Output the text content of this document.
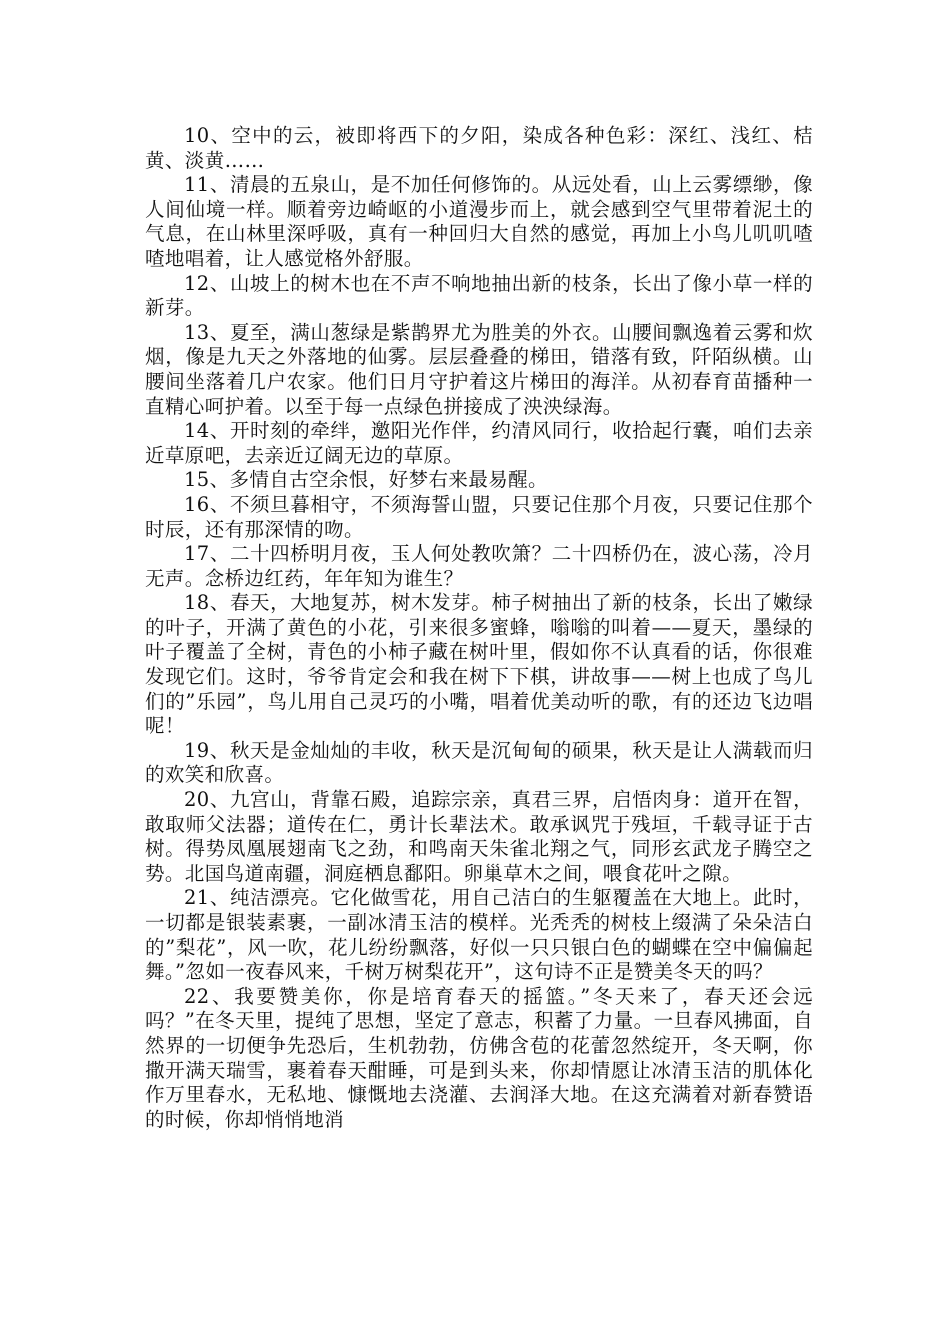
10、空中的云，被即将西下的夕阳，染成各种色彩：深红、浅红、桔黄、淡黄……

11、清晨的五泉山，是不加任何修饰的。从远处看，山上云雾缥缈，像人间仙境一样。顺着旁边崎岖的小道漫步而上，就会感到空气里带着泥土的气息，在山林里深呼吸，真有一种回归大自然的感觉，再加上小鸟儿叽叽喳喳地唱着，让人感觉格外舒服。

12、山坡上的树木也在不声不响地抽出新的枝条，长出了像小草一样的新芽。

13、夏至，满山葱绿是紫鹊界尤为胜美的外衣。山腰间飘逸着云雾和炊烟，像是九天之外落地的仙雾。层层叠叠的梯田，错落有致，阡陌纵横。山腰间坐落着几户农家。他们日月守护着这片梯田的海洋。从初春育苗播种一直精心呵护着。以至于每一点绿色拼接成了泱泱绿海。

14、开时刻的牵绊，邀阳光作伴，约清风同行，收拾起行囊，咱们去亲近草原吧，去亲近辽阔无边的草原。

15、多情自古空余恨，好梦右来最易醒。

16、不须旦暮相守，不须海誓山盟，只要记住那个月夜，只要记住那个时辰，还有那深情的吻。

17、二十四桥明月夜，玉人何处教吹箫？二十四桥仍在，波心荡，冷月无声。念桥边红药，年年知为谁生？

18、春天，大地复苏，树木发芽。柿子树抽出了新的枝条，长出了嫩绿的叶子，开满了黄色的小花，引来很多蜜蜂，嗡嗡的叫着——夏天，墨绿的叶子覆盖了全树，青色的小柿子藏在树叶里，假如你不认真看的话，你很难发现它们。这时，爷爷肯定会和我在树下下棋，讲故事——树上也成了鸟儿们的”乐园”，鸟儿用自己灵巧的小嘴，唱着优美动听的歌，有的还边飞边唱呢！

19、秋天是金灿灿的丰收，秋天是沉甸甸的硕果，秋天是让人满载而归的欢笑和欣喜。

20、九宫山，背靠石殿，追踪宗亲，真君三界，启悟肉身：道开在智，敢取师父法器；道传在仁，勇计长辈法术。敢承讽咒于残垣，千载寻证于古树。得势凤凰展翅南飞之劲，和鸣南天朱雀北翔之气，同形玄武龙子腾空之势。北国鸟道南疆，洞庭栖息鄱阳。卵巢草木之间，喂食花叶之隙。

21、纯洁漂亮。它化做雪花，用自己洁白的生躯覆盖在大地上。此时，一切都是银装素裹，一副冰清玉洁的模样。光秃秃的树枝上缀满了朵朵洁白的”梨花”，风一吹，花儿纷纷飘落，好似一只只银白色的蝴蝶在空中偏偏起舞。”忽如一夜春风来，千树万树梨花开”，这句诗不正是赞美冬天的吗？

22、我要赞美你，你是培育春天的摇篮。”冬天来了，春天还会远吗？”在冬天里，提纯了思想，坚定了意志，积蓄了力量。一旦春风拂面，自然界的一切便争先恐后，生机勃勃，仿佛含苞的花蕾忽然绽开，冬天啊，你撒开满天瑞雪，裹着春天酣睡，可是到头来，你却情愿让冰清玉洁的肌体化作万里春水，无私地、慷慨地去浇灌、去润泽大地。在这充满着对新春赞语的时候，你却悄悄地消
